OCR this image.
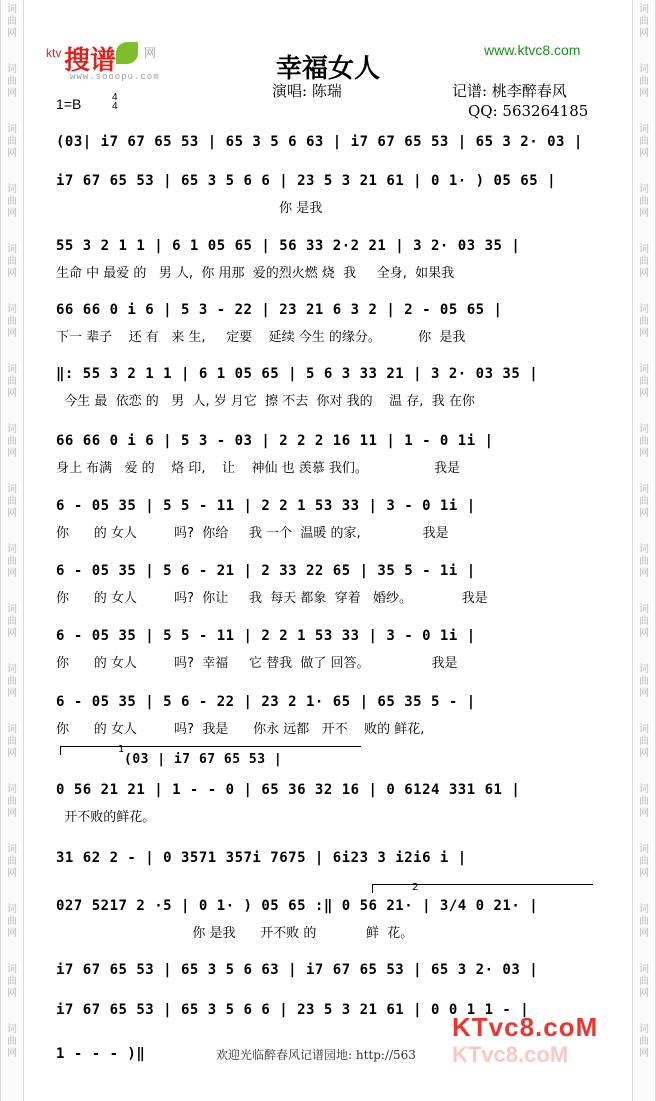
词
曲
网
词
曲
网
词
曲
网
词
曲
网
词
曲
网
词
曲
网
词
曲
网
词
曲
网
词
曲
网
词
曲
网
词
曲
网
词
曲
网
词
曲
网
词
曲
网
词
曲
网
词
曲
网
词
曲
网
词
曲
网
词
曲
网
词
曲
网
词
曲
网
词
曲
网
词
曲
网
词
曲
网
词
曲
网
词
曲
网
词
曲
网
词
曲
网
词
曲
网
词
曲
网
词
曲
网
词
曲
网
词
曲
网
词
曲
网
词
曲
网
词
曲
网
ktv 搜谱 网
www.sooopu.com	幸福女人
www.ktvc8.com
1=B	4
4
演唱: 陈瑞	记谱: 桃李醉春风
QQ: 563264185
(03| i7 67 65 53 | 65 3 5 6 63 | i7 67 65 53 | 65 3 2· 03 |
i7 67 65 53 | 65 3 5 6 6 | 23 5 3 21 61 | 0 1· ) 05 65 |
你 是我
55 3 2 1 1 | 6 1 05 65 | 56 33 2·2 21 | 3 2· 03 35 |
生命 中 最爱 的   男 人,  你 用那  爱的烈火燃 烧  我     全身,  如果我
66 66 0 i 6 | 5 3 - 22 | 23 21 6 3 2 | 2 - 05 65 |
下一 辈子    还 有   来 生,     定要    延续 今生 的缘分。         你  是我
‖: 55 3 2 1 1 | 6 1 05 65 | 5 6 3 33 21 | 3 2· 03 35 |
今生 最  依恋 的   男  人, 岁 月它  擦 不去  你对 我的    温 存,  我 在你
66 66 0 i 6 | 5 3 - 03 | 2 2 2 16 11 | 1 - 0 1i |
身上 布满   爱 的    烙 印,    让    神仙 也 羡慕 我们。                我是
6 - 05 35 | 5 5 - 11 | 2 2 1 53 33 | 3 - 0 1i |
你      的 女人         吗?  你给     我 一个  温暖 的家,               我是
6 - 05 35 | 5 6 - 21 | 2 33 22 65 | 35 5 - 1i |
你      的 女人         吗?  你让     我  每天 都象  穿着   婚纱。            我是
6 - 05 35 | 5 5 - 11 | 2 2 1 53 33 | 3 - 0 1i |
你      的 女人         吗?  幸福     它 替我  做了 回答。               我是
6 - 05 35 | 5 6 - 22 | 23 2 1· 65 | 65 35 5 - |
你      的 女人         吗?  我是      你永 远都   开不    败的 鲜花,
(03 | i7 67 65 53 |
0 56 21 21 | 1 - - 0 | 65 36 32 16 | 0 6124 331 61 |
开不败的鲜花。
31 62 2 - | 0 3571 357i 7675 | 6i23 3 i2i6 i |
027 5217 2 ·5 | 0 1· ) 05 65 :‖ 0 56 21· | 3/4 0 21· |
你 是我      开不败 的            鲜  花。
i7 67 65 53 | 65 3 5 6 63 | i7 67 65 53 | 65 3 2· 03 |
i7 67 65 53 | 65 3 5 6 6 | 23 5 3 21 61 | 0 0 1 1 - |
1 - - - )‖
1
2
欢迎光临醉春风记谱园地: http://563
KTvc8.coM
KTvc8.coM
